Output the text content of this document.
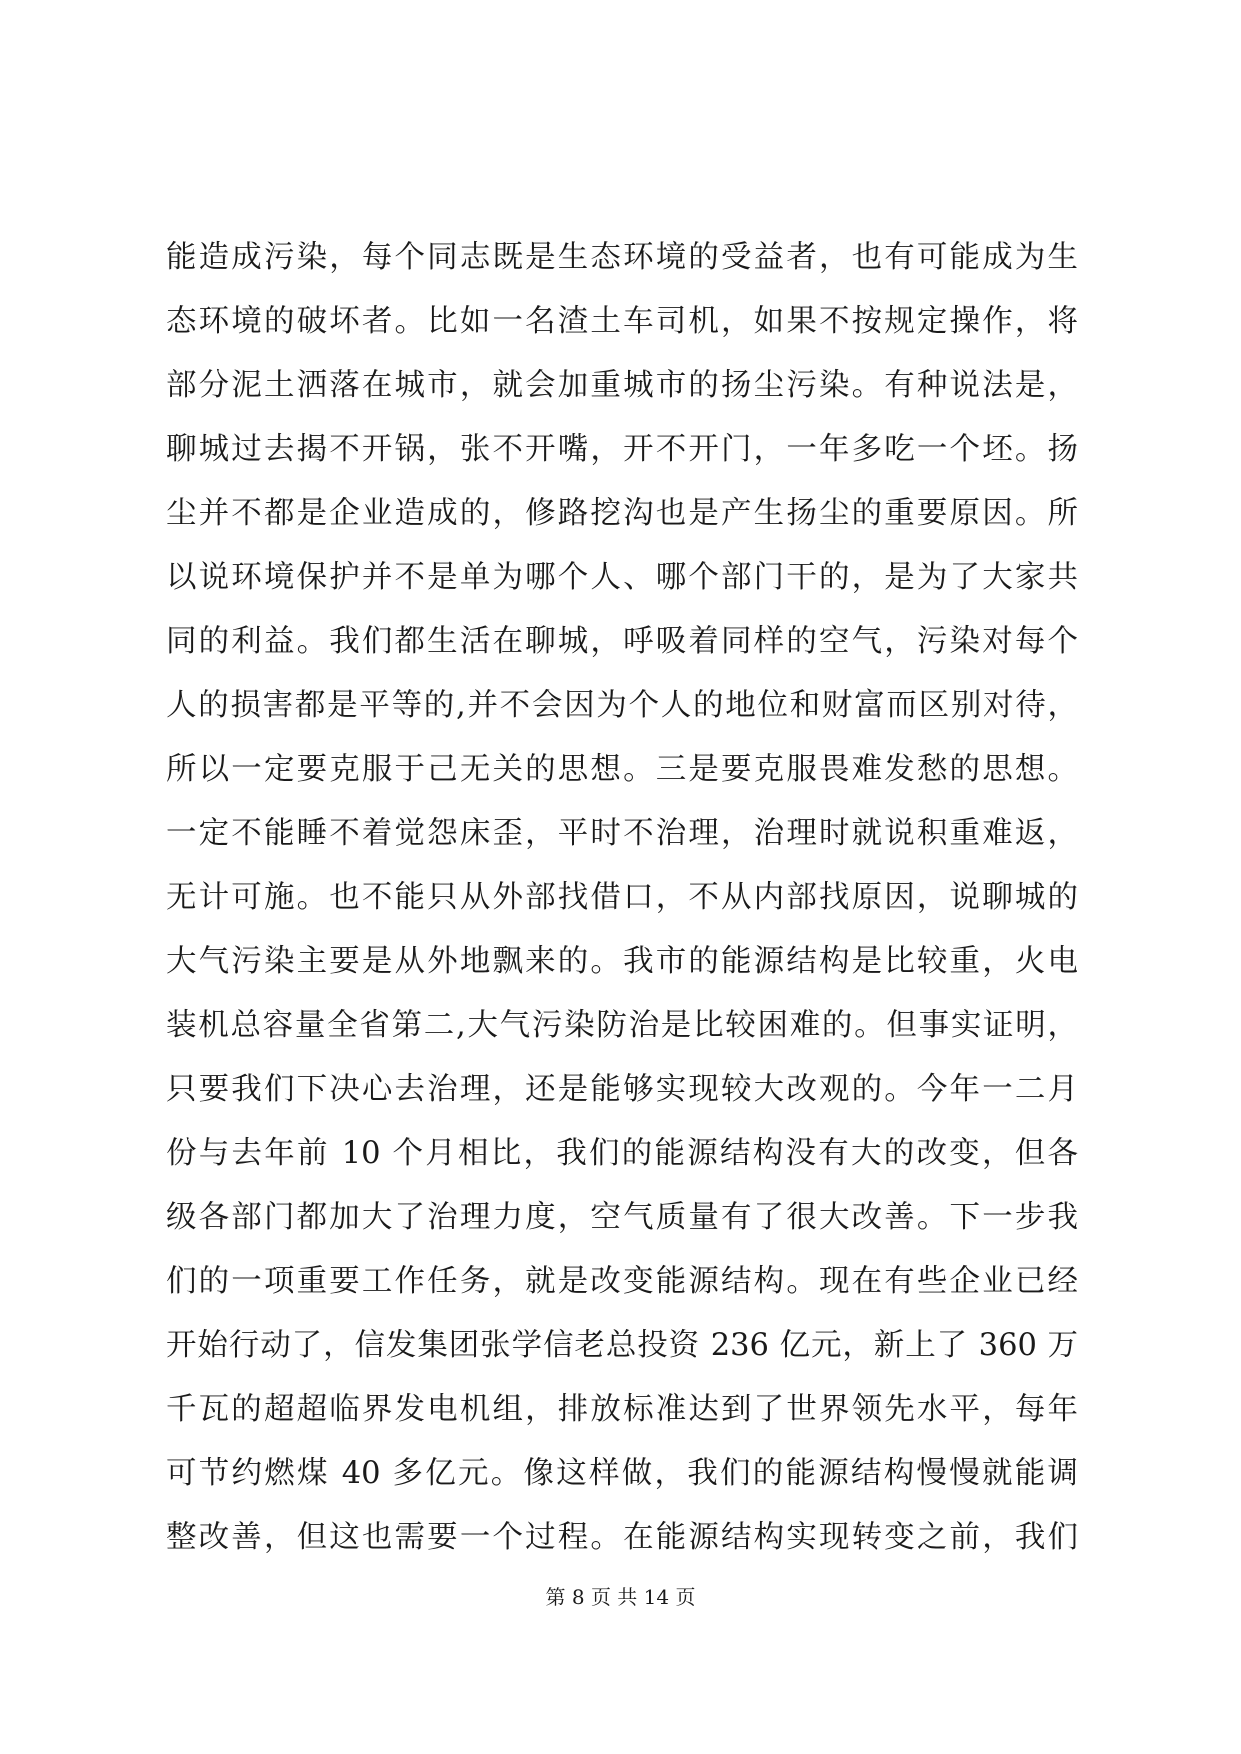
能造成污染，每个同志既是生态环境的受益者，也有可能成为生
态环境的破坏者。比如一名渣土车司机，如果不按规定操作，将
部分泥土洒落在城市，就会加重城市的扬尘污染。有种说法是，
聊城过去揭不开锅，张不开嘴，开不开门，一年多吃一个坯。扬
尘并不都是企业造成的，修路挖沟也是产生扬尘的重要原因。所
以说环境保护并不是单为哪个人、哪个部门干的，是为了大家共
同的利益。我们都生活在聊城，呼吸着同样的空气，污染对每个
人的损害都是平等的,并不会因为个人的地位和财富而区别对待，
所以一定要克服于己无关的思想。三是要克服畏难发愁的思想。
一定不能睡不着觉怨床歪，平时不治理，治理时就说积重难返，
无计可施。也不能只从外部找借口，不从内部找原因，说聊城的
大气污染主要是从外地飘来的。我市的能源结构是比较重，火电
装机总容量全省第二,大气污染防治是比较困难的。但事实证明，
只要我们下决心去治理，还是能够实现较大改观的。今年一二月
份与去年前 10 个月相比，我们的能源结构没有大的改变，但各
级各部门都加大了治理力度，空气质量有了很大改善。下一步我
们的一项重要工作任务，就是改变能源结构。现在有些企业已经
开始行动了，信发集团张学信老总投资 236 亿元，新上了 360 万
千瓦的超超临界发电机组，排放标准达到了世界领先水平，每年
可节约燃煤 40 多亿元。像这样做，我们的能源结构慢慢就能调
整改善，但这也需要一个过程。在能源结构实现转变之前，我们
第 8 页 共 14 页
